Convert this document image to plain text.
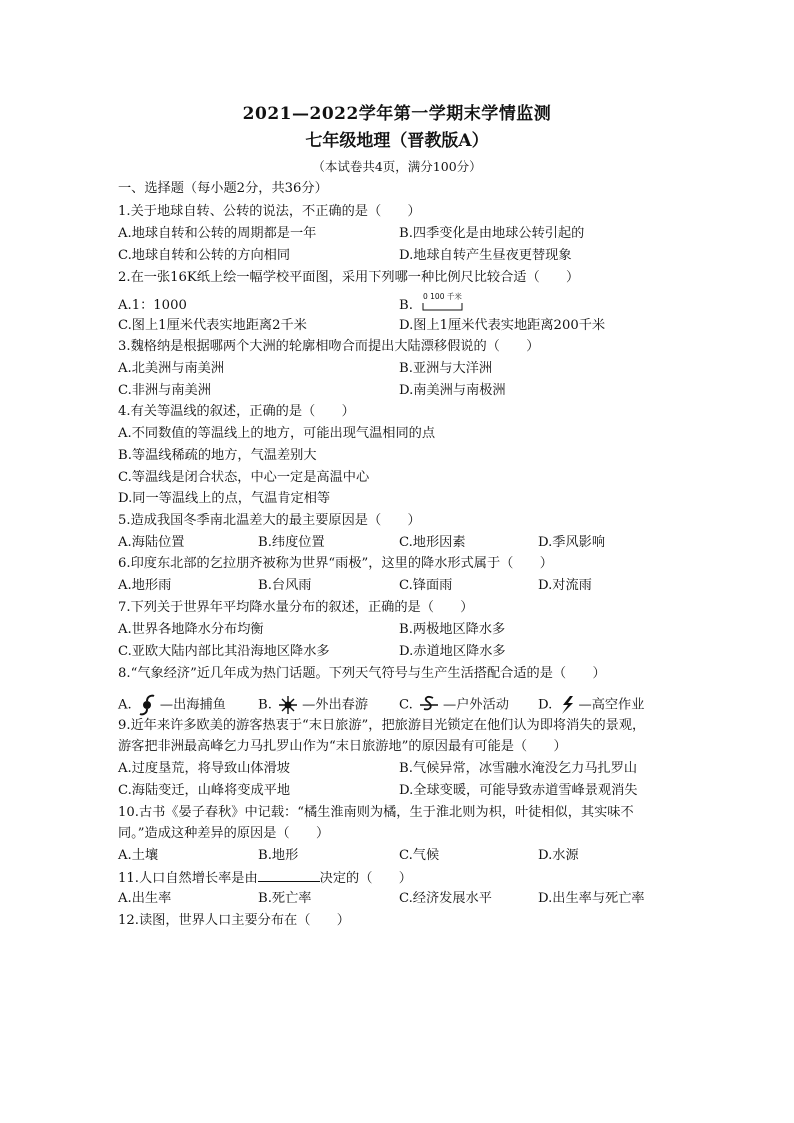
2021—2022学年第一学期末学情监测
七年级地理（晋教版A）
（本试卷共4页，满分100分）
一、选择题（每小题2分，共36分）
1.关于地球自转、公转的说法，不正确的是（　　）
A.地球自转和公转的周期都是一年	B.四季变化是由地球公转引起的
C.地球自转和公转的方向相同	D.地球自转产生昼夜更替现象
2.在一张16K纸上绘一幅学校平面图，采用下列哪一种比例尺比较合适（　　）
A.1：1000	B.
0 100 千米
C.图上1厘米代表实地距离2千米	D.图上1厘米代表实地距离200千米
3.魏格纳是根据哪两个大洲的轮廓相吻合而提出大陆漂移假说的（　　）
A.北美洲与南美洲	B.亚洲与大洋洲
C.非洲与南美洲	D.南美洲与南极洲
4.有关等温线的叙述，正确的是（　　）
A.不同数值的等温线上的地方，可能出现气温相同的点
B.等温线稀疏的地方，气温差别大
C.等温线是闭合状态，中心一定是高温中心
D.同一等温线上的点，气温肯定相等
5.造成我国冬季南北温差大的最主要原因是（　　）
A.海陆位置	B.纬度位置	C.地形因素	D.季风影响
6.印度东北部的乞拉朋齐被称为世界“雨极”，这里的降水形式属于（　　）
A.地形雨	B.台风雨	C.锋面雨	D.对流雨
7.下列关于世界年平均降水量分布的叙述，正确的是（　　）
A.世界各地降水分布均衡	B.两极地区降水多
C.亚欧大陆内部比其沿海地区降水多	D.赤道地区降水多
8.“气象经济”近几年成为热门话题。下列天气符号与生产生活搭配合适的是（　　）
A. —出海捕鱼 B. —外出春游 C. —户外活动 D. —高空作业
9.近年来许多欧美的游客热衷于“末日旅游”，把旅游目光锁定在他们认为即将消失的景观，
游客把非洲最高峰乞力马扎罗山作为“末日旅游地”的原因最有可能是（　　）
A.过度垦荒，将导致山体滑坡	B.气候异常，冰雪融水淹没乞力马扎罗山
C.海陆变迁，山峰将变成平地	D.全球变暖，可能导致赤道雪峰景观消失
10.古书《晏子春秋》中记载：“橘生淮南则为橘，生于淮北则为枳，叶徒相似，其实味不
同。”造成这种差异的原因是（　　）
A.土壤	B.地形	C.气候	D.水源
11.人口自然增长率是由	决定的（　　）
A.出生率	B.死亡率	C.经济发展水平	D.出生率与死亡率
12.读图，世界人口主要分布在（　　）
